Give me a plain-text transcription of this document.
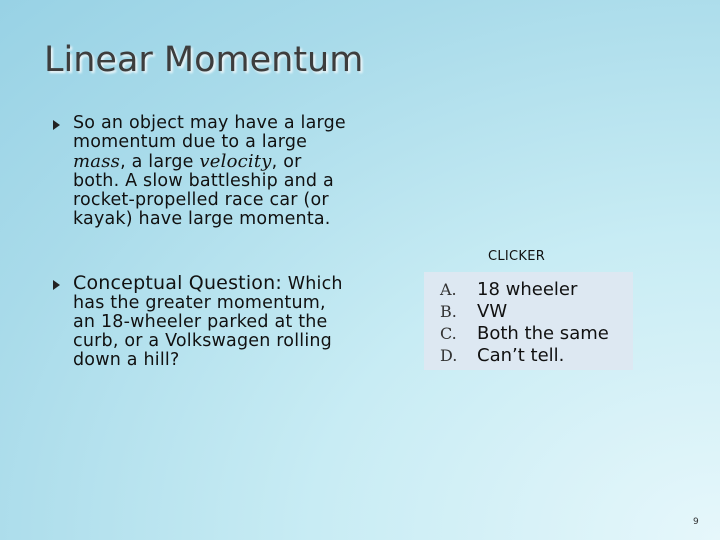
Linear Momentum
So an object may have a large momentum due to a large mass, a large velocity, or both. A slow battleship and a rocket-propelled race car (or kayak) have large momenta.
Conceptual Question: Which has the greater momentum, an 18-wheeler parked at the curb, or a Volkswagen rolling down a hill?
CLICKER
A.	18 wheeler
B.	VW
C.	Both the same
D.	Can’t tell.
9
